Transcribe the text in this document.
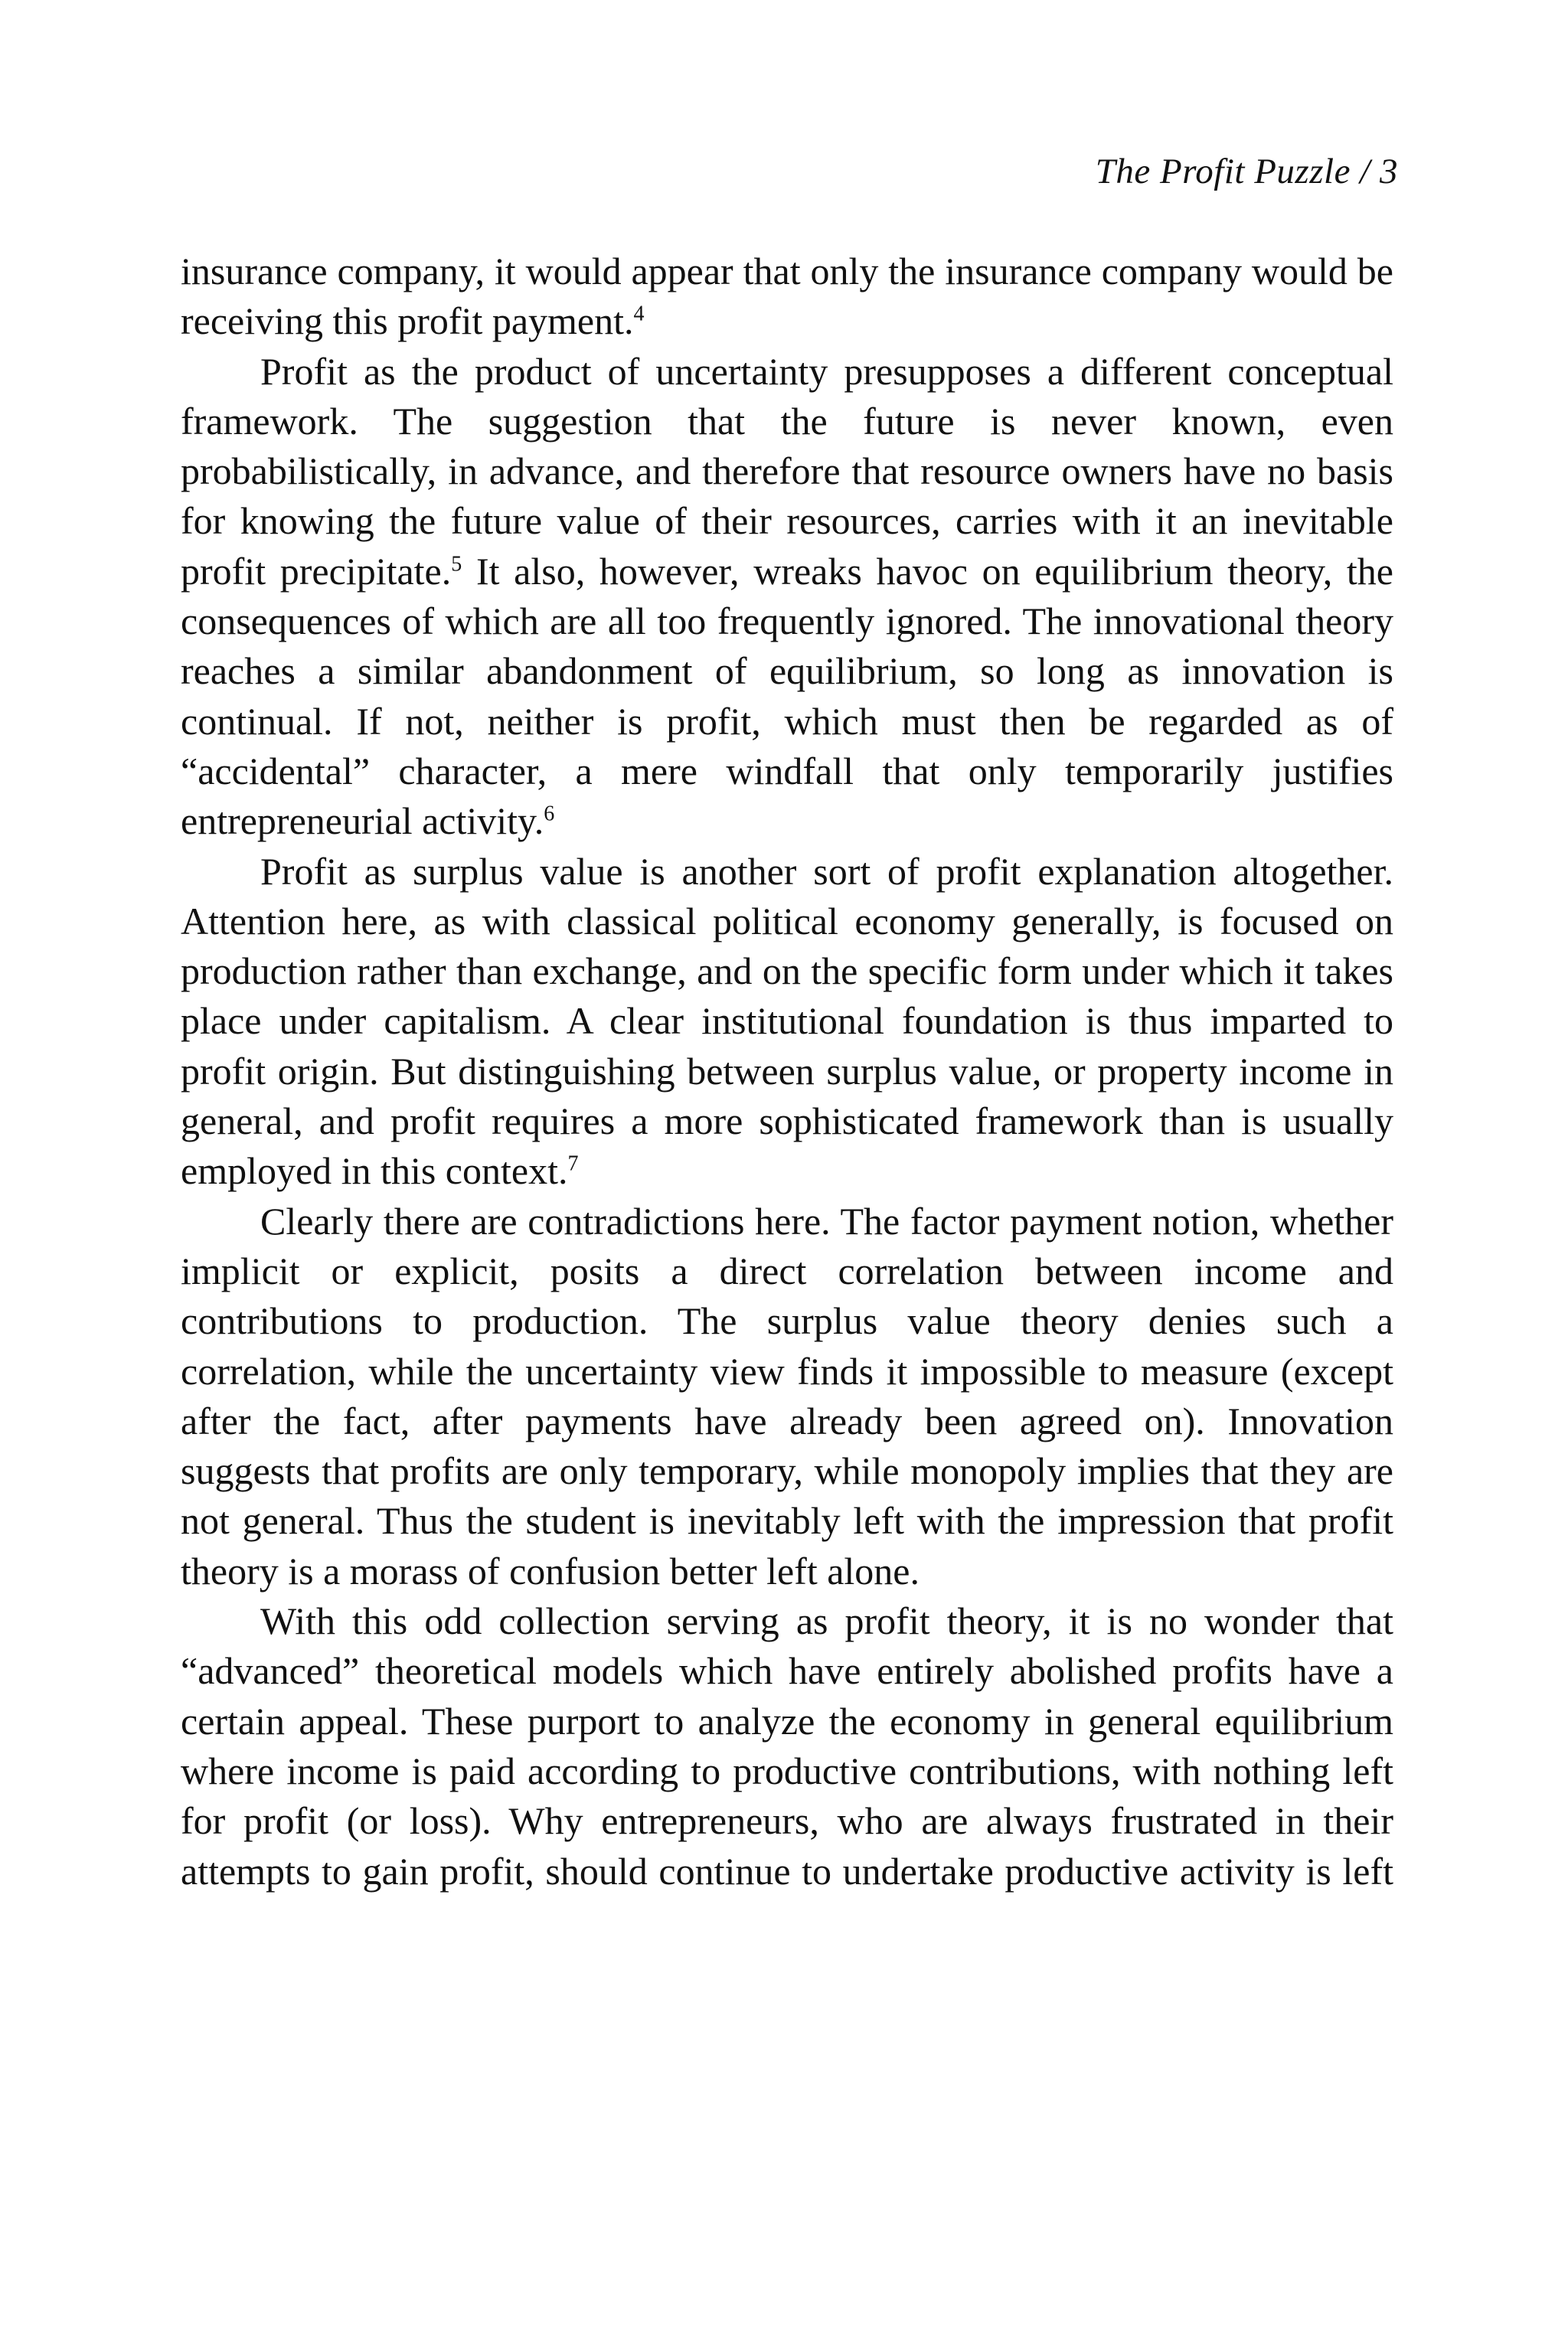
The Profit Puzzle / 3

insurance company, it would appear that only the insurance company would be receiving this profit payment.$^4$

Profit as the product of uncertainty presupposes a different conceptual framework. The suggestion that the future is never known, even probabilistically, in advance, and therefore that resource owners have no basis for knowing the future value of their resources, carries with it an inevitable profit precipitate.$^5$ It also, however, wreaks havoc on equilibrium theory, the consequences of which are all too frequently ignored. The innovational theory reaches a similar abandonment of equilibrium, so long as innovation is continual. If not, neither is profit, which must then be regarded as of “accidental” character, a mere windfall that only temporarily justifies entrepreneurial activity.$^6$

Profit as surplus value is another sort of profit explanation altogether. Attention here, as with classical political economy generally, is focused on production rather than exchange, and on the specific form under which it takes place under capitalism. A clear institutional foundation is thus imparted to profit origin. But distinguishing between surplus value, or property income in general, and profit requires a more sophisticated framework than is usually employed in this context.$^7$

Clearly there are contradictions here. The factor payment notion, whether implicit or explicit, posits a direct correlation between income and contributions to production. The surplus value theory denies such a correlation, while the uncertainty view finds it impossible to measure (except after the fact, after payments have already been agreed on). Innovation suggests that profits are only temporary, while monopoly implies that they are not general. Thus the student is inevitably left with the impression that profit theory is a morass of confusion better left alone.

With this odd collection serving as profit theory, it is no wonder that “advanced” theoretical models which have entirely abolished profits have a certain appeal. These purport to analyze the economy in general equilibrium where income is paid according to productive contributions, with nothing left for profit (or loss). Why entrepreneurs, who are always frustrated in their attempts to gain profit, should continue to undertake productive activity is left
